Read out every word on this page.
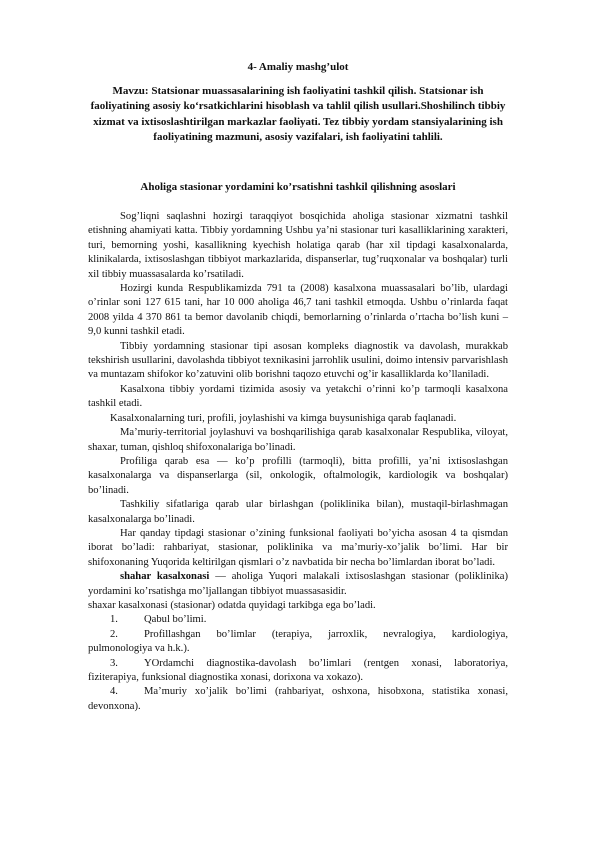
4- Amaliy mashg’ulot
Mavzu: Statsionar muassasalarining ish faoliyatini tashkil qilish. Statsionar ish faoliyatining asosiy ko‘rsatkichlarini hisoblash va tahlil qilish usullari.Shoshilinch tibbiy xizmat va ixtisoslashtirilgan markazlar faoliyati. Tez tibbiy yordam stansiyalarining ish faoliyatining mazmuni, asosiy vazifalari, ish faoliyatini tahlili.
Aholiga stasionar yordamini ko’rsatishni tashkil qilishning asoslari

Sog’liqni saqlashni hozirgi taraqqiyot bosqichida aholiga stasionar xizmatni tashkil etishning ahamiyati katta. Tibbiy yordamning Ushbu ya’ni stasionar turi kasalliklarining xarakteri, turi, bemorning yoshi, kasallikning kyechish holatiga qarab (har xil tipdagi kasalxonalarda, klinikalarda, ixtisoslashgan tibbiyot markazlarida, dispanserlar, tug’ruqxonalar va boshqalar) turli xil tibbiy muassasalarda ko’rsatiladi.

Hozirgi kunda Respublikamizda 791 ta (2008) kasalxona muassasalari bo’lib, ulardagi o’rinlar soni 127 615 tani, har 10 000 aholiga 46,7 tani tashkil etmoqda. Ushbu o’rinlarda faqat 2008 yilda 4 370 861 ta bemor davolanib chiqdi, bemorlarning o’rinlarda o’rtacha bo’lish kuni – 9,0 kunni tashkil etadi.

Tibbiy yordamning stasionar tipi asosan kompleks diagnostik va davolash, murakkab tekshirish usullarini, davolashda tibbiyot texnikasini jarrohlik usulini, doimo intensiv parvarishlash va muntazam shifokor ko’zatuvini olib borishni taqozo etuvchi og’ir kasalliklarda ko’llaniladi.

Kasalxona tibbiy yordami tizimida asosiy va yetakchi o’rinni ko’p tarmoqli kasalxona tashkil etadi.

Kasalxonalarning turi, profili, joylashishi va kimga buysunishiga qarab faqlanadi.

Ma’muriy-territorial joylashuvi va boshqarilishiga qarab kasalxonalar Respublika, viloyat, shaxar, tuman, qishloq shifoxonalariga bo’linadi.

Profiliga qarab esa — ko’p profilli (tarmoqli), bitta profilli, ya’ni ixtisoslashgan kasalxonalarga va dispanserlarga (sil, onkologik, oftalmologik, kardiologik va boshqalar) bo’linadi.

Tashkiliy sifatlariga qarab ular birlashgan (poliklinika bilan), mustaqil-birlashmagan kasalxonalarga bo’linadi.

Har qanday tipdagi stasionar o’zining funksional faoliyati bo’yicha asosan 4 ta qismdan iborat bo’ladi: rahbariyat, stasionar, poliklinika va ma’muriy-xo’jalik bo’limi. Har bir shifoxonaning Yuqorida keltirilgan qismlari o’z navbatida bir necha bo’limlardan iborat bo’ladi.

shahar kasalxonasi — aholiga Yuqori malakali ixtisoslashgan stasionar (poliklinika) yordamini ko’rsatishga mo’ljallangan tibbiyot muassasasidir.

shaxar kasalxonasi (stasionar) odatda quyidagi tarkibga ega bo’ladi.

1. Qabul bo’limi.
2. Profillashgan bo’limlar (terapiya, jarroxlik, nevralogiya, kardiologiya, pulmonologiya va h.k.).
3. YOrdamchi diagnostika-davolash bo’limlari (rentgen xonasi, laboratoriya, fiziterapiya, funksional diagnostika xonasi, dorixona va xokazo).
4. Ma’muriy xo’jalik bo’limi (rahbariyat, oshxona, hisobxona, statistika xonasi, devonxona).
